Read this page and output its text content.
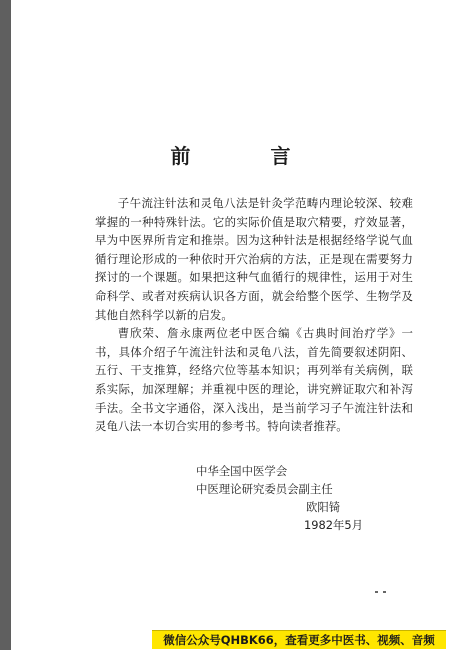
前　言

子午流注针法和灵龟八法是针灸学范畴内理论较深、较难掌握的一种特殊针法。它的实际价值是取穴精要，疗效显著，早为中医界所肯定和推崇。因为这种针法是根据经络学说气血循行理论形成的一种依时开穴治病的方法，正是现在需要努力探讨的一个课题。如果把这种气血循行的规律性，运用于对生命科学、或者对疾病认识各方面，就会给整个医学、生物学及其他自然科学以新的启发。

曹欣荣、詹永康两位老中医合编《古典时间治疗学》一书，具体介绍子午流注针法和灵龟八法，首先简要叙述阴阳、五行、干支推算，经络穴位等基本知识；再列举有关病例，联系实际，加深理解；并重视中医的理论，讲究辨证取穴和补泻手法。全书文字通俗，深入浅出，是当前学习子午流注针法和灵龟八法一本切合实用的参考书。特向读者推荐。

中华全国中医学会
中医理论研究委员会副主任
欧阳锜
1982年5月
微信公众号QHBK66，查看更多中医书、视频、音频
